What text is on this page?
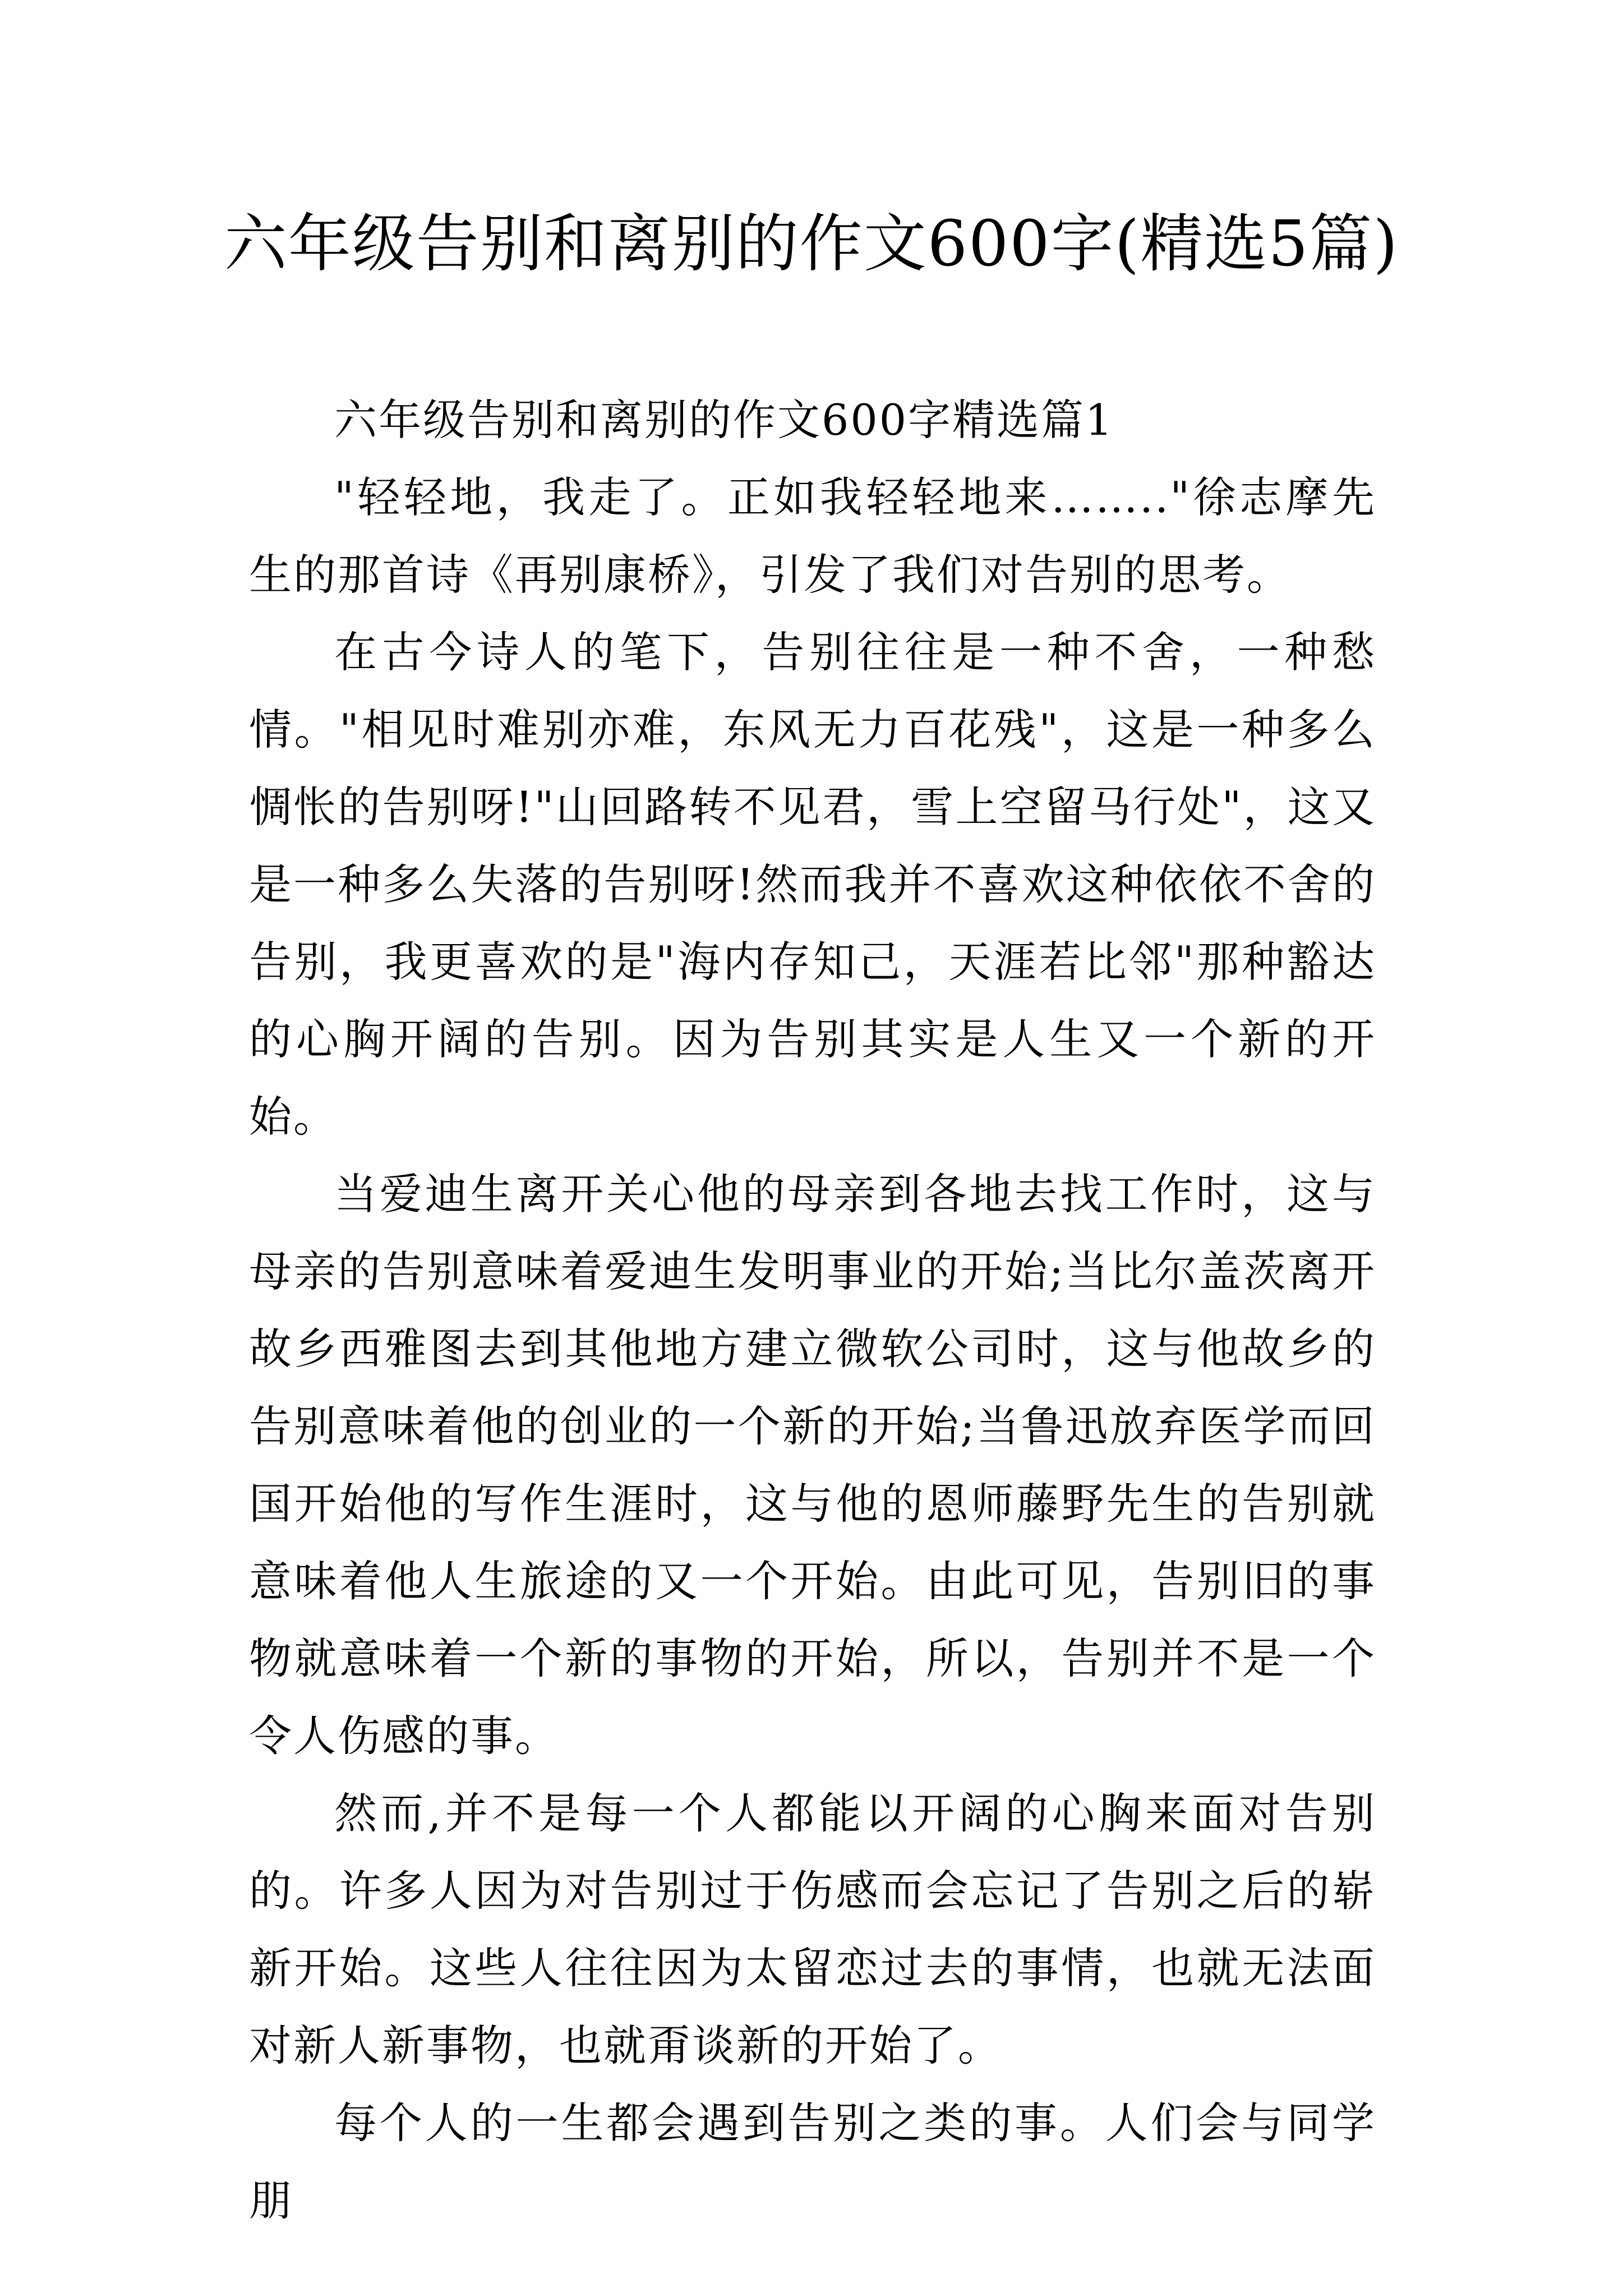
六年级告别和离别的作文600字(精选5篇)

六年级告别和离别的作文600字精选篇1

"轻轻地，我走了。正如我轻轻地来…….."徐志摩先生的那首诗《再别康桥》，引发了我们对告别的思考。

在古今诗人的笔下，告别往往是一种不舍，一种愁情。"相见时难别亦难，东风无力百花残"，这是一种多么惆怅的告别呀!"山回路转不见君，雪上空留马行处"，这又是一种多么失落的告别呀!然而我并不喜欢这种依依不舍的告别，我更喜欢的是"海内存知己，天涯若比邻"那种豁达的心胸开阔的告别。因为告别其实是人生又一个新的开始。

当爱迪生离开关心他的母亲到各地去找工作时，这与母亲的告别意味着爱迪生发明事业的开始;当比尔盖茨离开故乡西雅图去到其他地方建立微软公司时，这与他故乡的告别意味着他的创业的一个新的开始;当鲁迅放弃医学而回国开始他的写作生涯时，这与他的恩师藤野先生的告别就意味着他人生旅途的又一个开始。由此可见，告别旧的事物就意味着一个新的事物的开始，所以，告别并不是一个令人伤感的事。

然而,并不是每一个人都能以开阔的心胸来面对告别的。许多人因为对告别过于伤感而会忘记了告别之后的崭新开始。这些人往往因为太留恋过去的事情，也就无法面对新人新事物，也就甭谈新的开始了。

每个人的一生都会遇到告别之类的事。人们会与同学朋
